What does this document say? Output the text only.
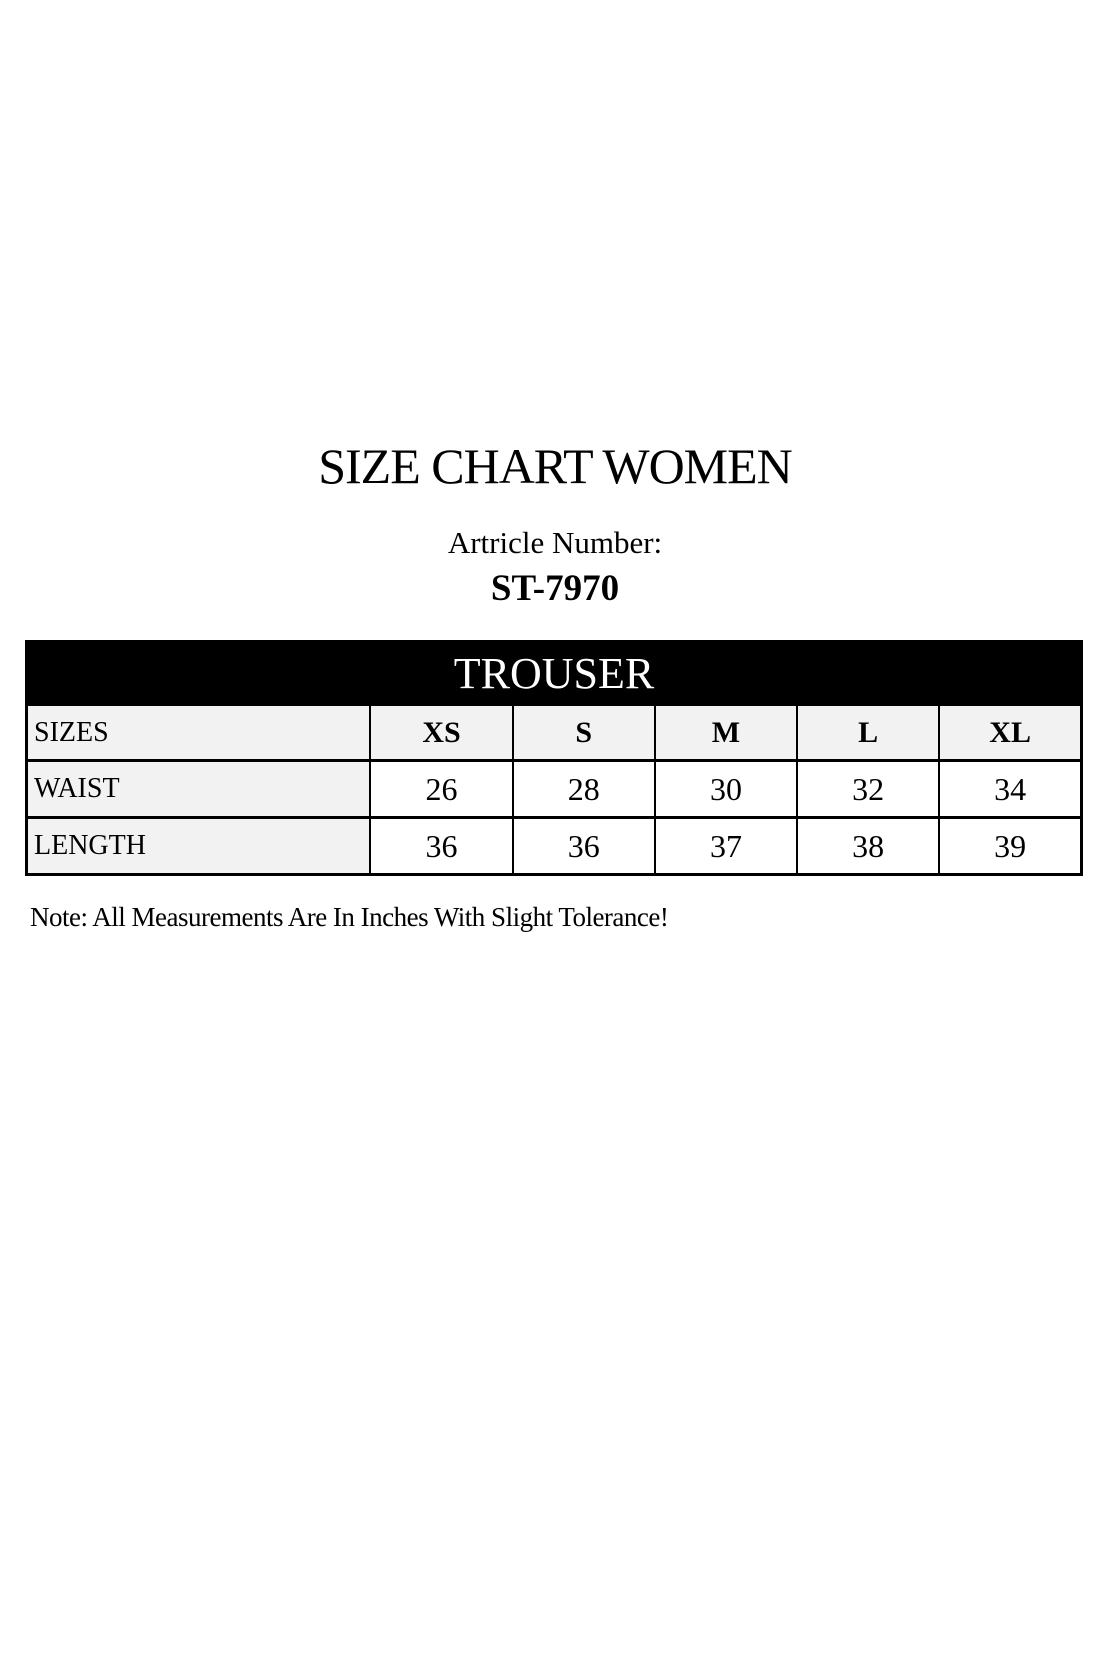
SIZE CHART WOMEN
Artricle Number:
ST-7970
TROUSER					
SIZES	XS	S	M	L	XL
WAIST	26	28	30	32	34
LENGTH	36	36	37	38	39

Note: All Measurements Are In Inches With Slight Tolerance!
